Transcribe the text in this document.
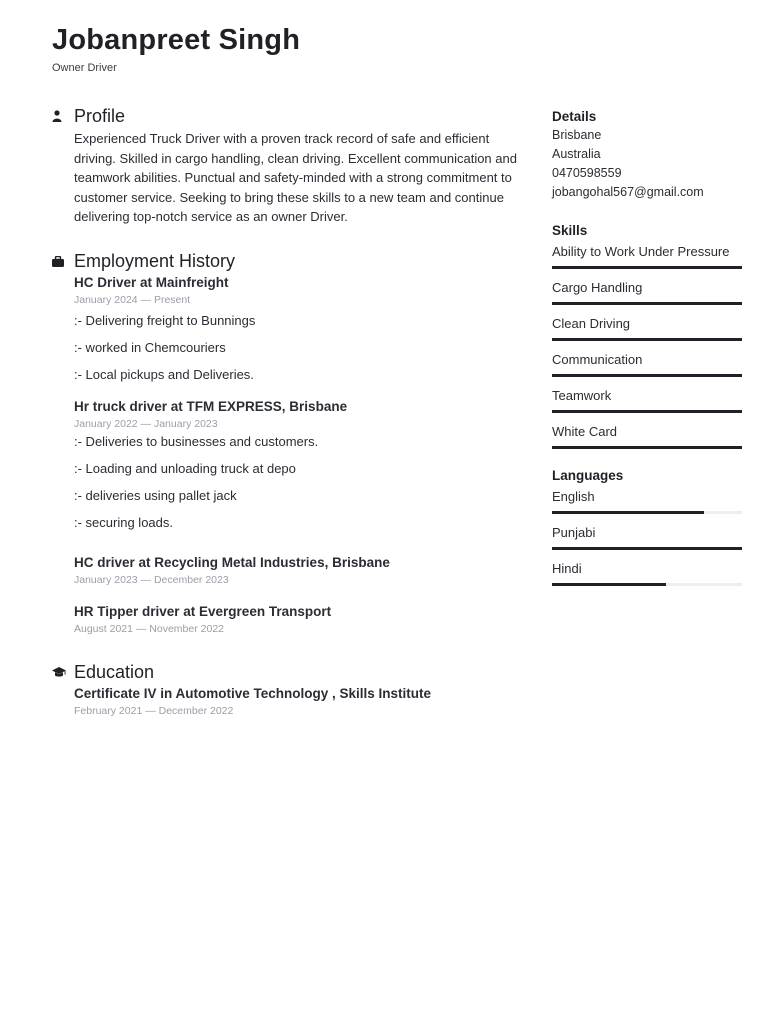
Jobanpreet Singh
Owner Driver
Profile
Experienced Truck Driver with a proven track record of safe and efficient driving. Skilled in cargo handling, clean driving. Excellent communication and teamwork abilities. Punctual and safety-minded with a strong commitment to customer service. Seeking to bring these skills to a new team and continue delivering top-notch service as an owner Driver.
Employment History
HC Driver at Mainfreight
January 2024 — Present
:- Delivering freight to Bunnings
:- worked in Chemcouriers
:- Local pickups and Deliveries.
Hr truck driver at TFM EXPRESS, Brisbane
January 2022 — January 2023
:- Deliveries to businesses and customers.
:- Loading and unloading truck at depo
:- deliveries using pallet jack
:- securing loads.
HC driver at Recycling Metal Industries, Brisbane
January 2023 — December 2023
HR Tipper driver at Evergreen Transport
August 2021 — November 2022
Education
Certificate IV in Automotive Technology , Skills Institute
February 2021 — December 2022
Details
Brisbane
Australia
0470598559
jobangohal567@gmail.com
Skills
Ability to Work Under Pressure
Cargo Handling
Clean Driving
Communication
Teamwork
White Card
Languages
English
Punjabi
Hindi
